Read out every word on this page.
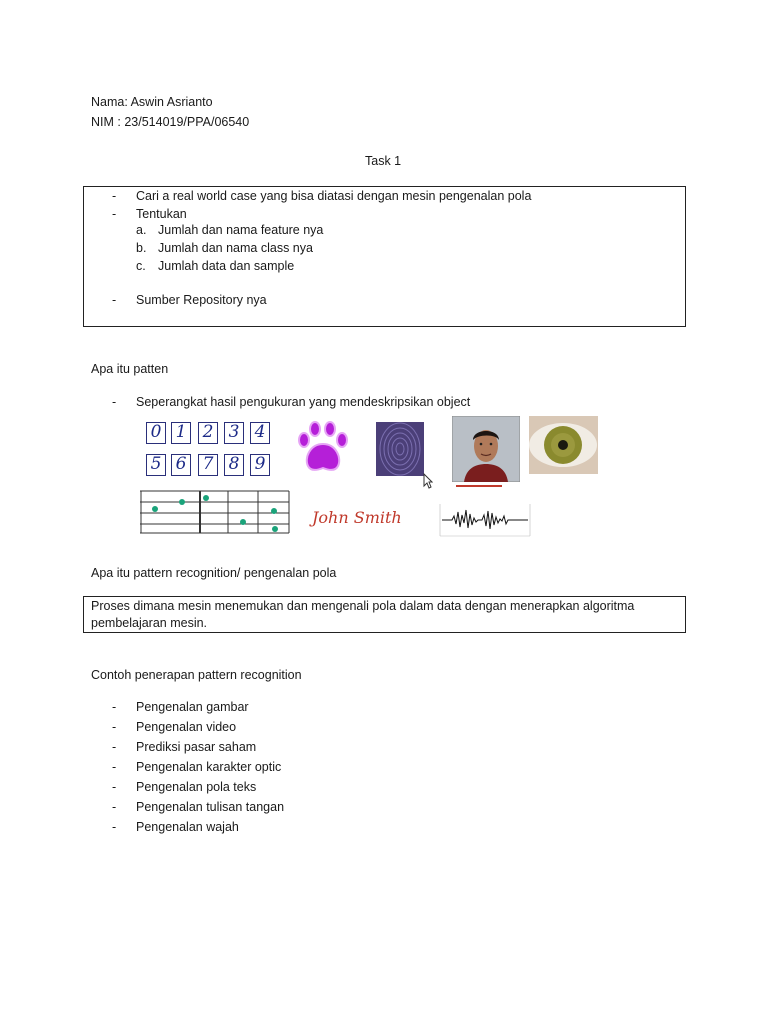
Nama: Aswin Asrianto
NIM : 23/514019/PPA/06540
Task 1
-	Cari a real world case yang bisa diatasi dengan mesin pengenalan pola
-	Tentukan
a. Jumlah dan nama feature nya
b. Jumlah dan nama class nya
c. Jumlah data dan sample
-	Sumber Repository nya
Apa itu patten
-	Seperangkat hasil pengukuran yang mendeskripsikan object
0 1 2 3 4
5 6 7 8 9
John Smith
Apa itu pattern recognition/ pengenalan pola
Proses dimana mesin menemukan dan mengenali pola dalam data dengan menerapkan algoritma
pembelajaran mesin.
Contoh penerapan pattern recognition
-	Pengenalan gambar
-	Pengenalan video
-	Prediksi pasar saham
-	Pengenalan karakter optic
-	Pengenalan pola teks
-	Pengenalan tulisan tangan
-	Pengenalan wajah
